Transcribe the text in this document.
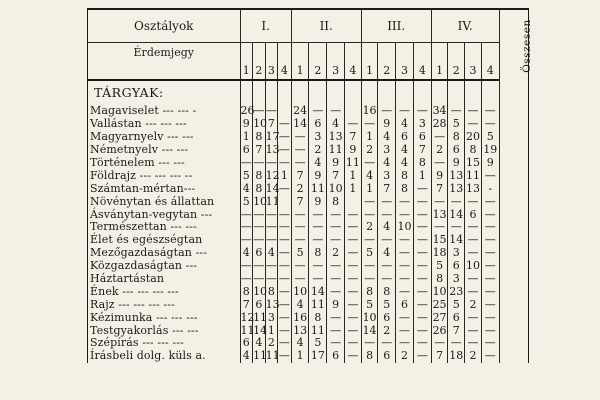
Osztályok	I.				II.				III.				IV.				Összesen
Érdemjegy	1	2	3	4	1	2	3	4	1	2	3	4	1	2	3	4	
TÁRGYAK:																	
Magaviselet --- --- -	26	—	—		24	—	—		16	—	—	—	34	—	—	—	
Vallástan --- --- ---	9	10	7	—	14	6	4	—	—	9	4	3	28	5	—	—	
Magyarnyelv --- ---	1	8	17	—	—	3	13	7	1	4	6	6	—	8	20	5	
Németnyelv --- ---	6	7	13	—	—	2	11	9	2	3	4	7	2	6	8	19	
Történelem --- ---	—	—	—	—	—	4	9	11	—	4	4	8	—	9	15	9	
Földrajz --- --- --- --	5	8	12	1	7	9	7	1	4	3	8	1	9	13	11	—	
Számtan-mértan---	4	8	14	—	2	11	10	1	1	7	8	—	7	13	13	-	
Növénytan és állattan	5	10	11		7	9	8		—	—	—	—	—	—	—	—	
Ásványtan-vegytan ---	—	—	—	—	—	—	—	—	—	—	—	—	13	14	6	—	
Természettan --- ---	—	—	—	—	—	—	—	—	2	4	10	—	—	—	—	—	
Élet és egészségtan	—	—	—	—	—	—	—	—	—	—	—	—	15	14	—	—	
Mezőgazdaságtan ---	4	6	4	—	5	8	2	—	5	4	—	—	18	3	—	—	
Közgazdaságtan ---	—	—	—	—	—	—	—	—	—	—	—	—	5	6	10	—	
Háztartástan	—	—	—	—	—	—	—	—	—	—	—	—	8	3	—	—	
Ének --- --- --- ---	8	10	8	—	10	14	—	—	8	8	—	—	10	23	—	—	
Rajz --- --- --- ---	7	6	13	—	4	11	9	—	5	5	6	—	25	5	2	—	
Kézimunka --- --- ---	12	11	3	—	16	8	—	—	10	6	—	—	27	6	—	—	
Testgyakorlás --- ---	11	14	1	—	13	11	—	—	14	2	—	—	26	7	—	—	
Szépírás --- --- ---	6	4	2	—	4	5	—	—	—	—	—	—	—	—	—	—	
Írásbeli dolg. küls a.	4	11	11	—	1	17	6	—	8	6	2	—	7	18	2	—	
